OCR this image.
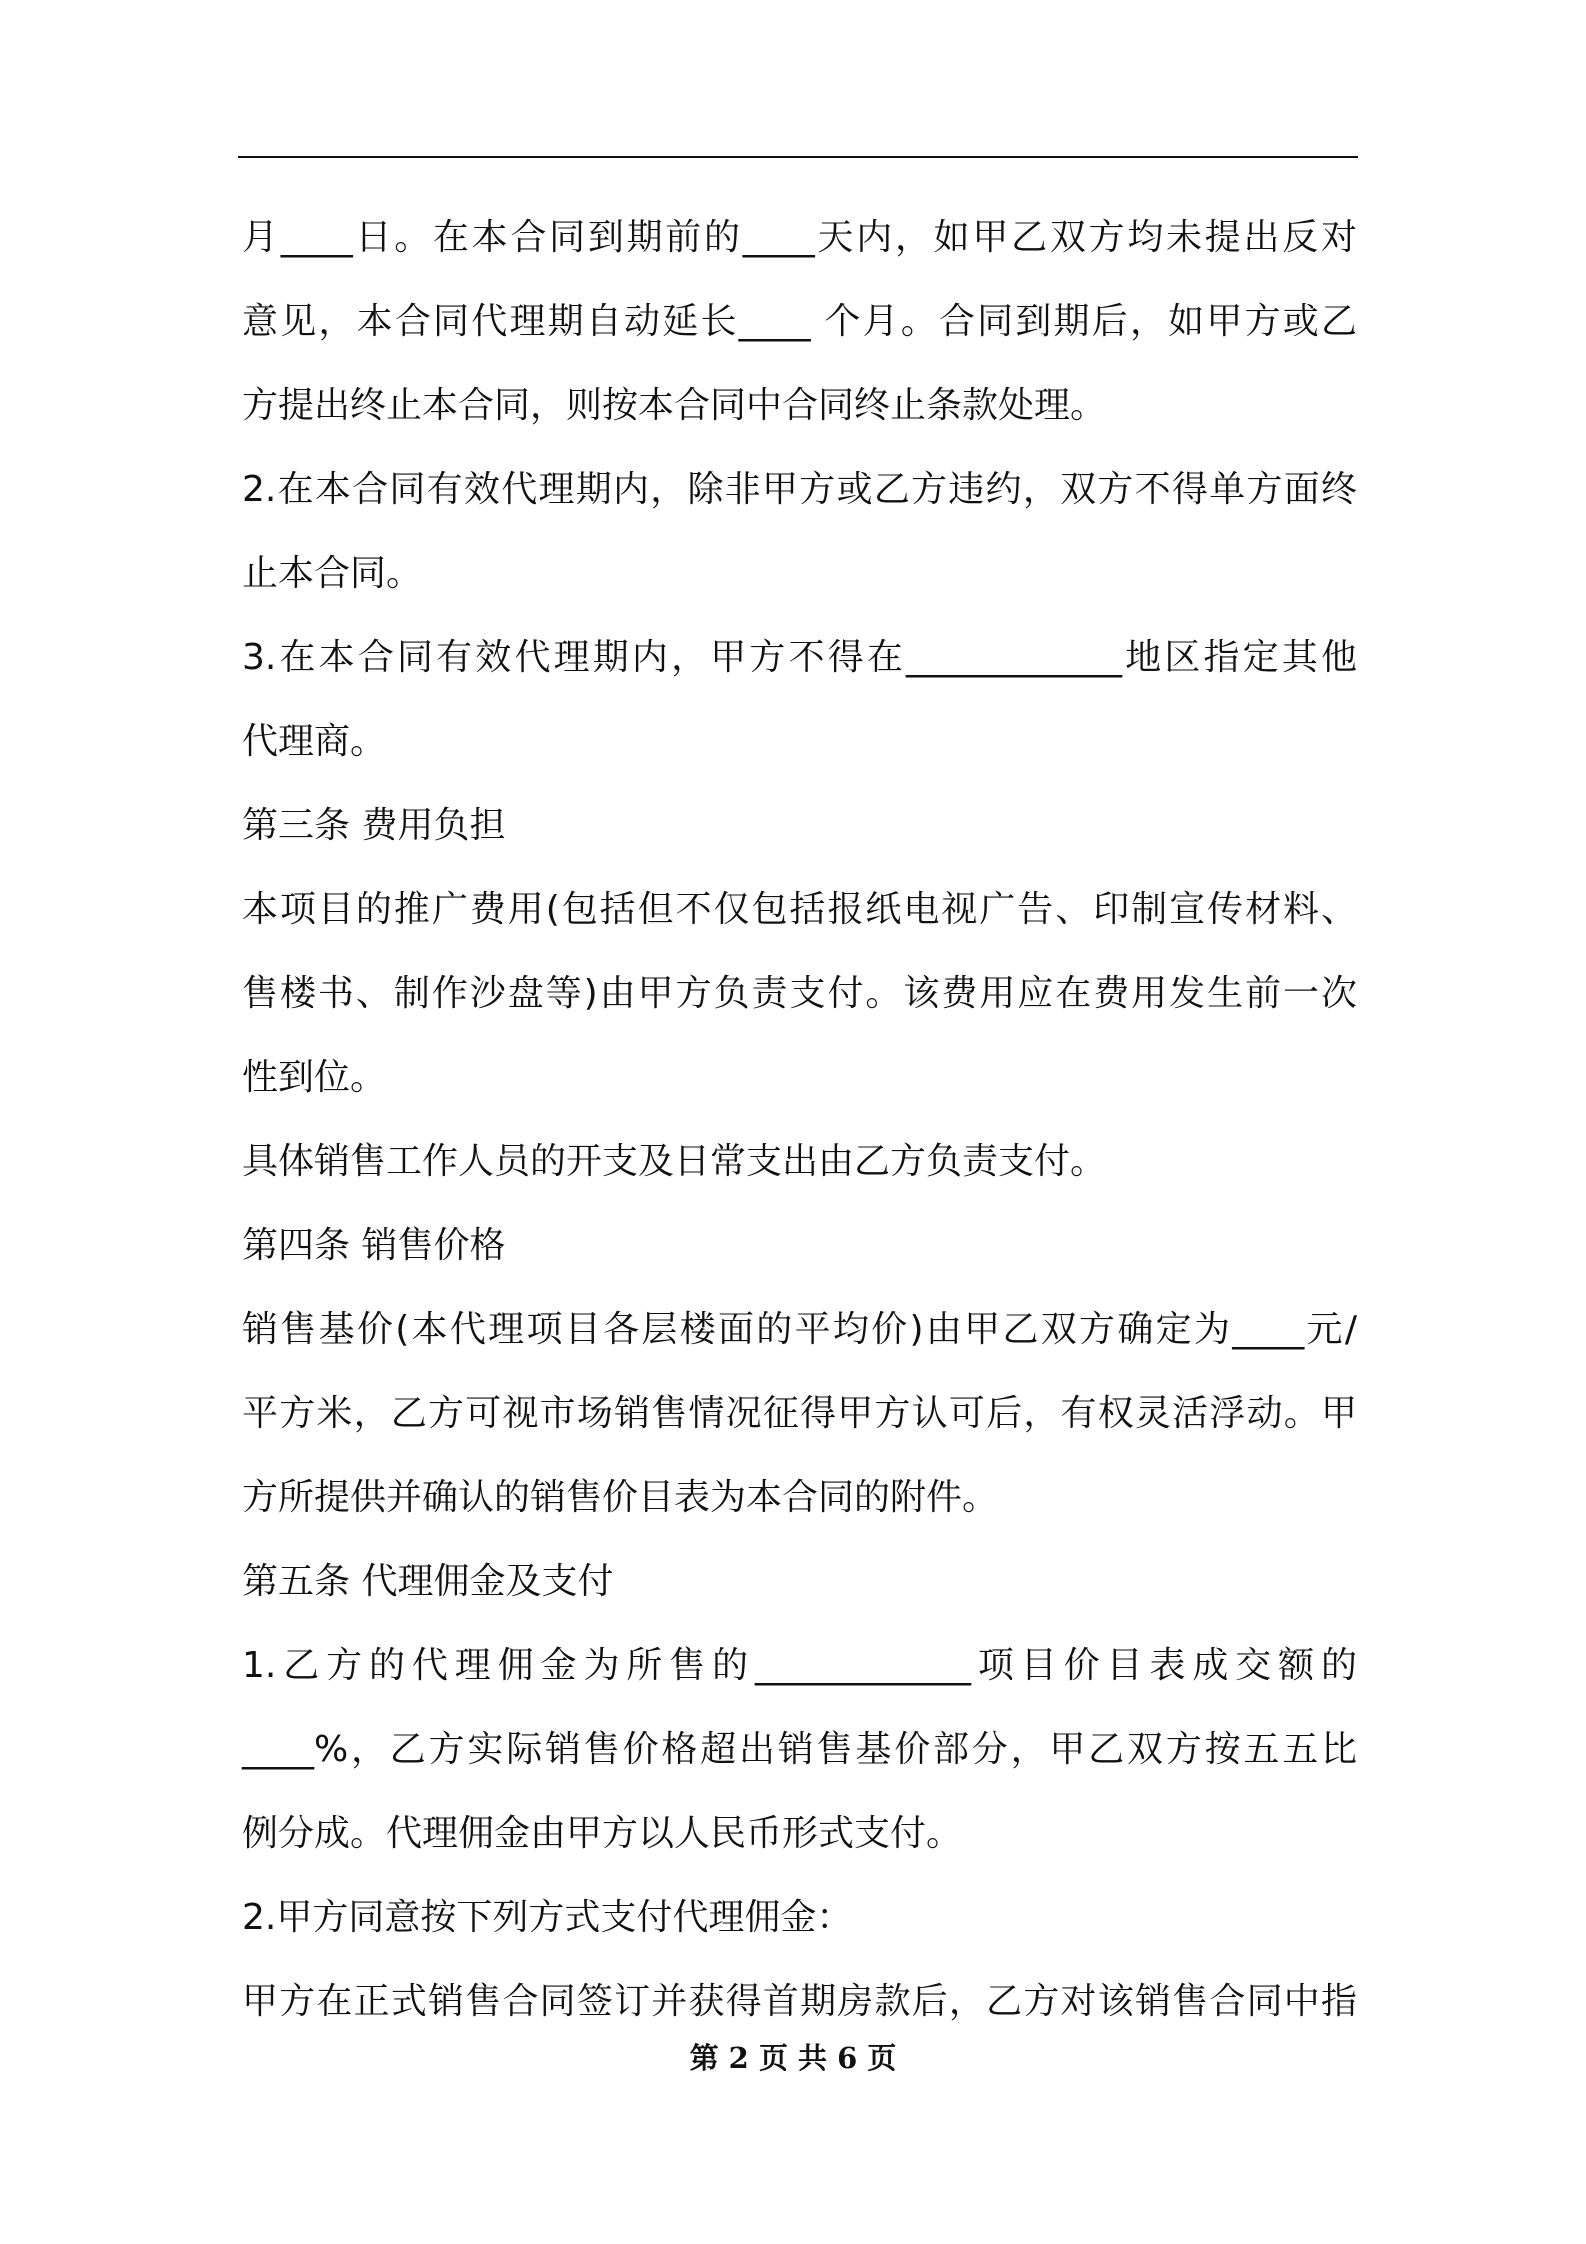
月____日。在本合同到期前的____天内，如甲乙双方均未提出反对
意见，本合同代理期自动延长____ 个月。合同到期后，如甲方或乙
方提出终止本合同，则按本合同中合同终止条款处理。
2.在本合同有效代理期内，除非甲方或乙方违约，双方不得单方面终
止本合同。
3.在本合同有效代理期内，甲方不得在____________地区指定其他
代理商。
第三条 费用负担
本项目的推广费用(包括但不仅包括报纸电视广告、印制宣传材料、
售楼书、制作沙盘等)由甲方负责支付。该费用应在费用发生前一次
性到位。
具体销售工作人员的开支及日常支出由乙方负责支付。
第四条 销售价格
销售基价(本代理项目各层楼面的平均价)由甲乙双方确定为____元/
平方米，乙方可视市场销售情况征得甲方认可后，有权灵活浮动。甲
方所提供并确认的销售价目表为本合同的附件。
第五条 代理佣金及支付
1.乙方的代理佣金为所售的____________项目价目表成交额的
____%，乙方实际销售价格超出销售基价部分，甲乙双方按五五比
例分成。代理佣金由甲方以人民币形式支付。
2.甲方同意按下列方式支付代理佣金：
甲方在正式销售合同签订并获得首期房款后，乙方对该销售合同中指
第 2 页 共 6 页
